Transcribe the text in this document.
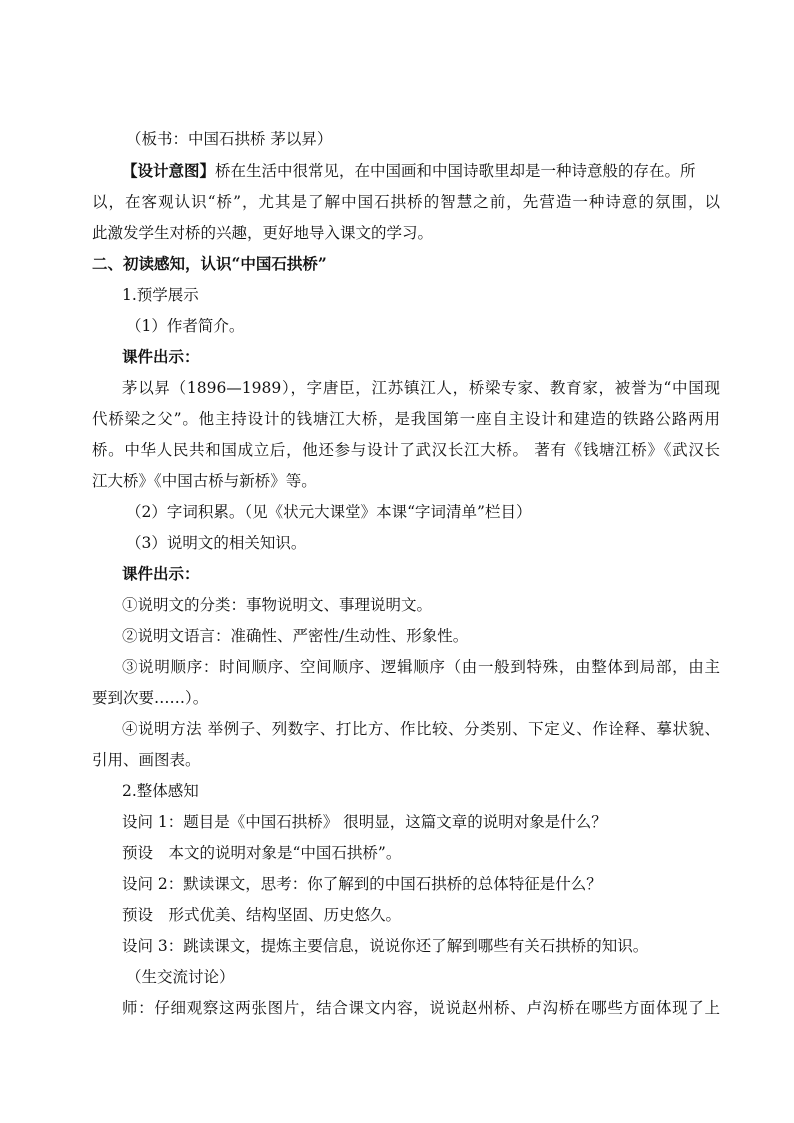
（板书：中国石拱桥 茅以昇）
【设计意图】桥在生活中很常见，在中国画和中国诗歌里却是一种诗意般的存在。所
以，在客观认识“桥”，尤其是了解中国石拱桥的智慧之前，先营造一种诗意的氛围，以
此激发学生对桥的兴趣，更好地导入课文的学习。
二、初读感知，认识“中国石拱桥”
1.预学展示
（1）作者简介。
课件出示：
茅以昇（1896—1989），字唐臣，江苏镇江人，桥梁专家、教育家，被誉为“中国现
代桥梁之父”。他主持设计的钱塘江大桥，是我国第一座自主设计和建造的铁路公路两用
桥。中华人民共和国成立后，他还参与设计了武汉长江大桥。 著有《钱塘江桥》《武汉长
江大桥》《中国古桥与新桥》等。
（2）字词积累。（见《状元大课堂》本课“字词清单”栏目）
（3）说明文的相关知识。
课件出示：
①说明文的分类：事物说明文、事理说明文。
②说明文语言：准确性、严密性/生动性、形象性。
③说明顺序：时间顺序、空间顺序、逻辑顺序（由一般到特殊，由整体到局部，由主
要到次要……）。
④说明方法 举例子、列数字、打比方、作比较、分类别、下定义、作诠释、摹状貌、
引用、画图表。
2.整体感知
设问 1：题目是《中国石拱桥》 很明显，这篇文章的说明对象是什么？
预设　本文的说明对象是“中国石拱桥”。
设问 2：默读课文，思考：你了解到的中国石拱桥的总体特征是什么？
预设　形式优美、结构坚固、历史悠久。
设问 3：跳读课文，提炼主要信息，说说你还了解到哪些有关石拱桥的知识。
（生交流讨论）
师：仔细观察这两张图片，结合课文内容，说说赵州桥、卢沟桥在哪些方面体现了上
